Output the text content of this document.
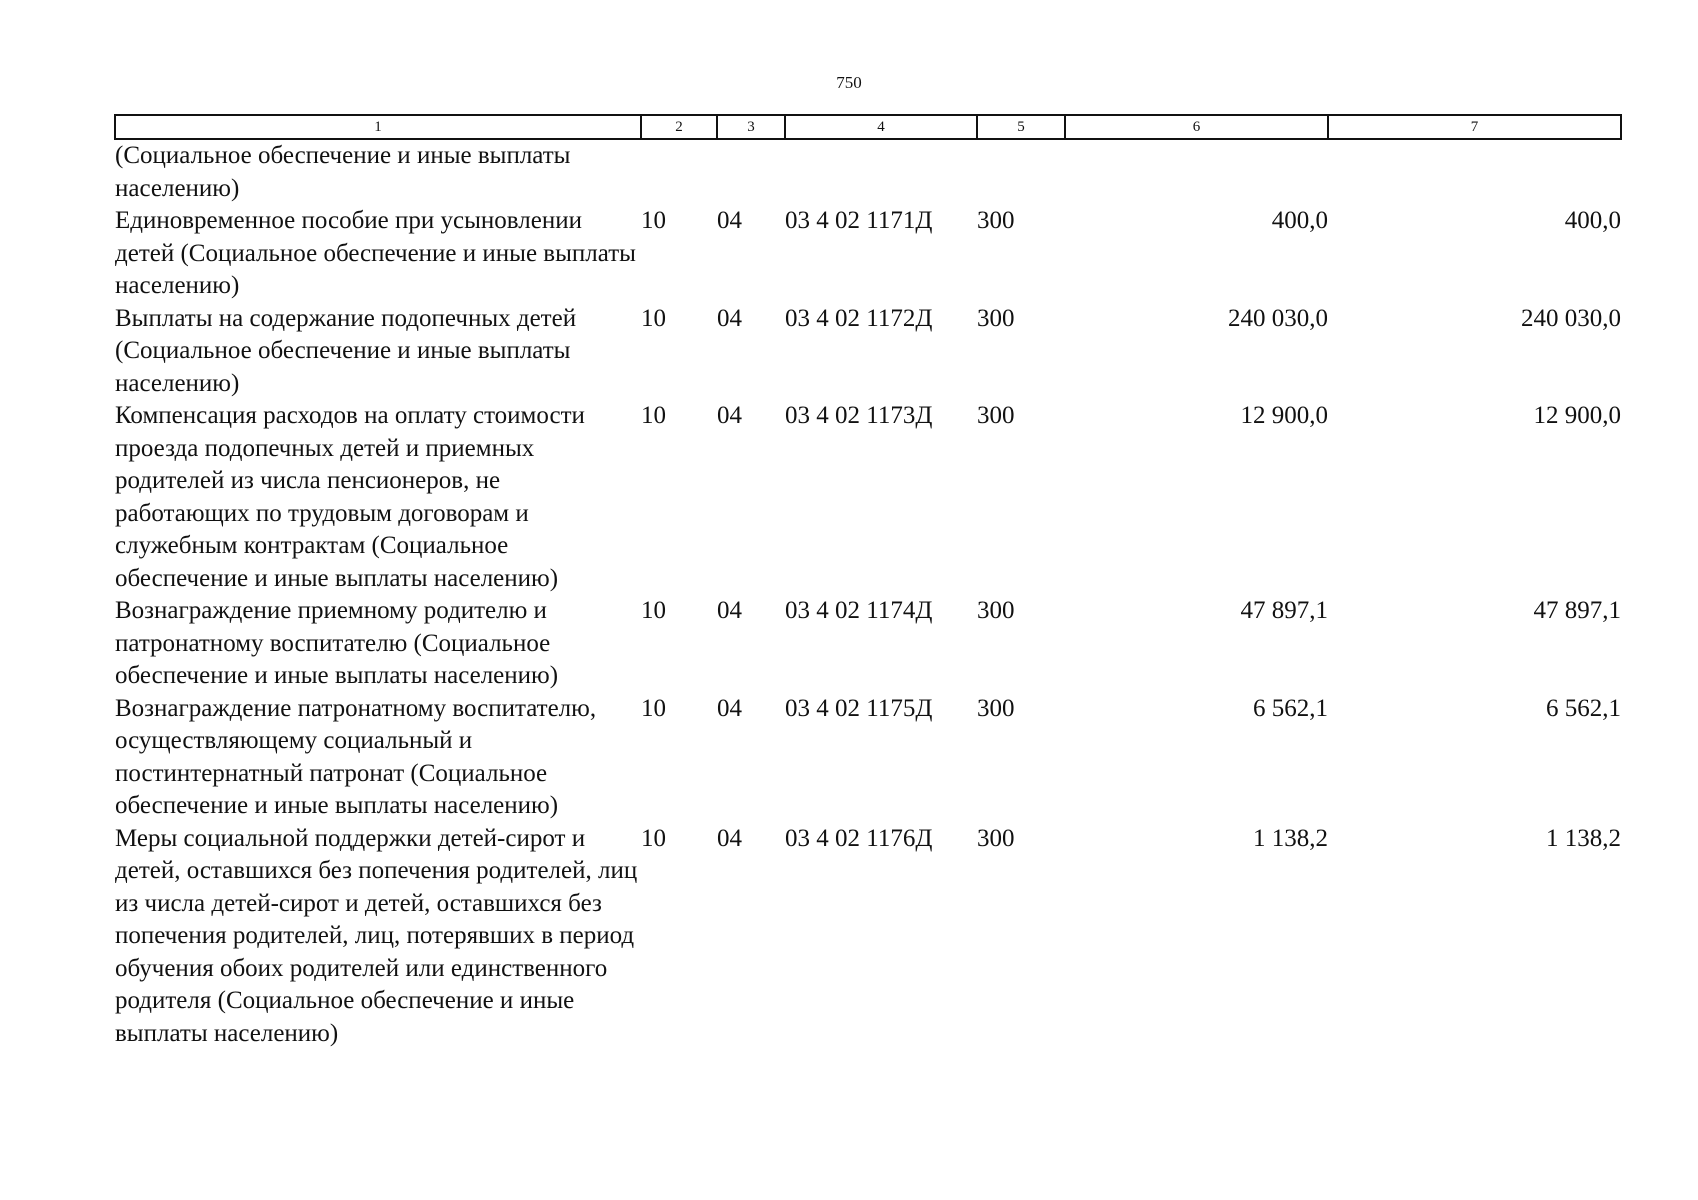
750
1	2	3	4	5	6	7
(Социальное обеспечение и иные выплаты населению)						
Единовременное пособие при усыновлении детей (Социальное обеспечение и иные выплаты населению)	10	04	03 4 02 1171Д	300	400,0	400,0
Выплаты на содержание подопечных детей (Социальное обеспечение и иные выплаты населению)	10	04	03 4 02 1172Д	300	240 030,0	240 030,0
Компенсация расходов на оплату стоимости проезда подопечных детей и приемных родителей из числа пенсионеров, не работающих по трудовым договорам и служебным контрактам (Социальное обеспечение и иные выплаты населению)	10	04	03 4 02 1173Д	300	12 900,0	12 900,0
Вознаграждение приемному родителю и патронатному воспитателю (Социальное обеспечение и иные выплаты населению)	10	04	03 4 02 1174Д	300	47 897,1	47 897,1
Вознаграждение патронатному воспитателю, осуществляющему социальный и постинтернатный патронат (Социальное обеспечение и иные выплаты населению)	10	04	03 4 02 1175Д	300	6 562,1	6 562,1
Меры социальной поддержки детей-сирот и детей, оставшихся без попечения родителей, лиц из числа детей-сирот и детей, оставшихся без попечения родителей, лиц, потерявших в период обучения обоих родителей или единственного родителя (Социальное обеспечение и иные выплаты населению)	10	04	03 4 02 1176Д	300	1 138,2	1 138,2
